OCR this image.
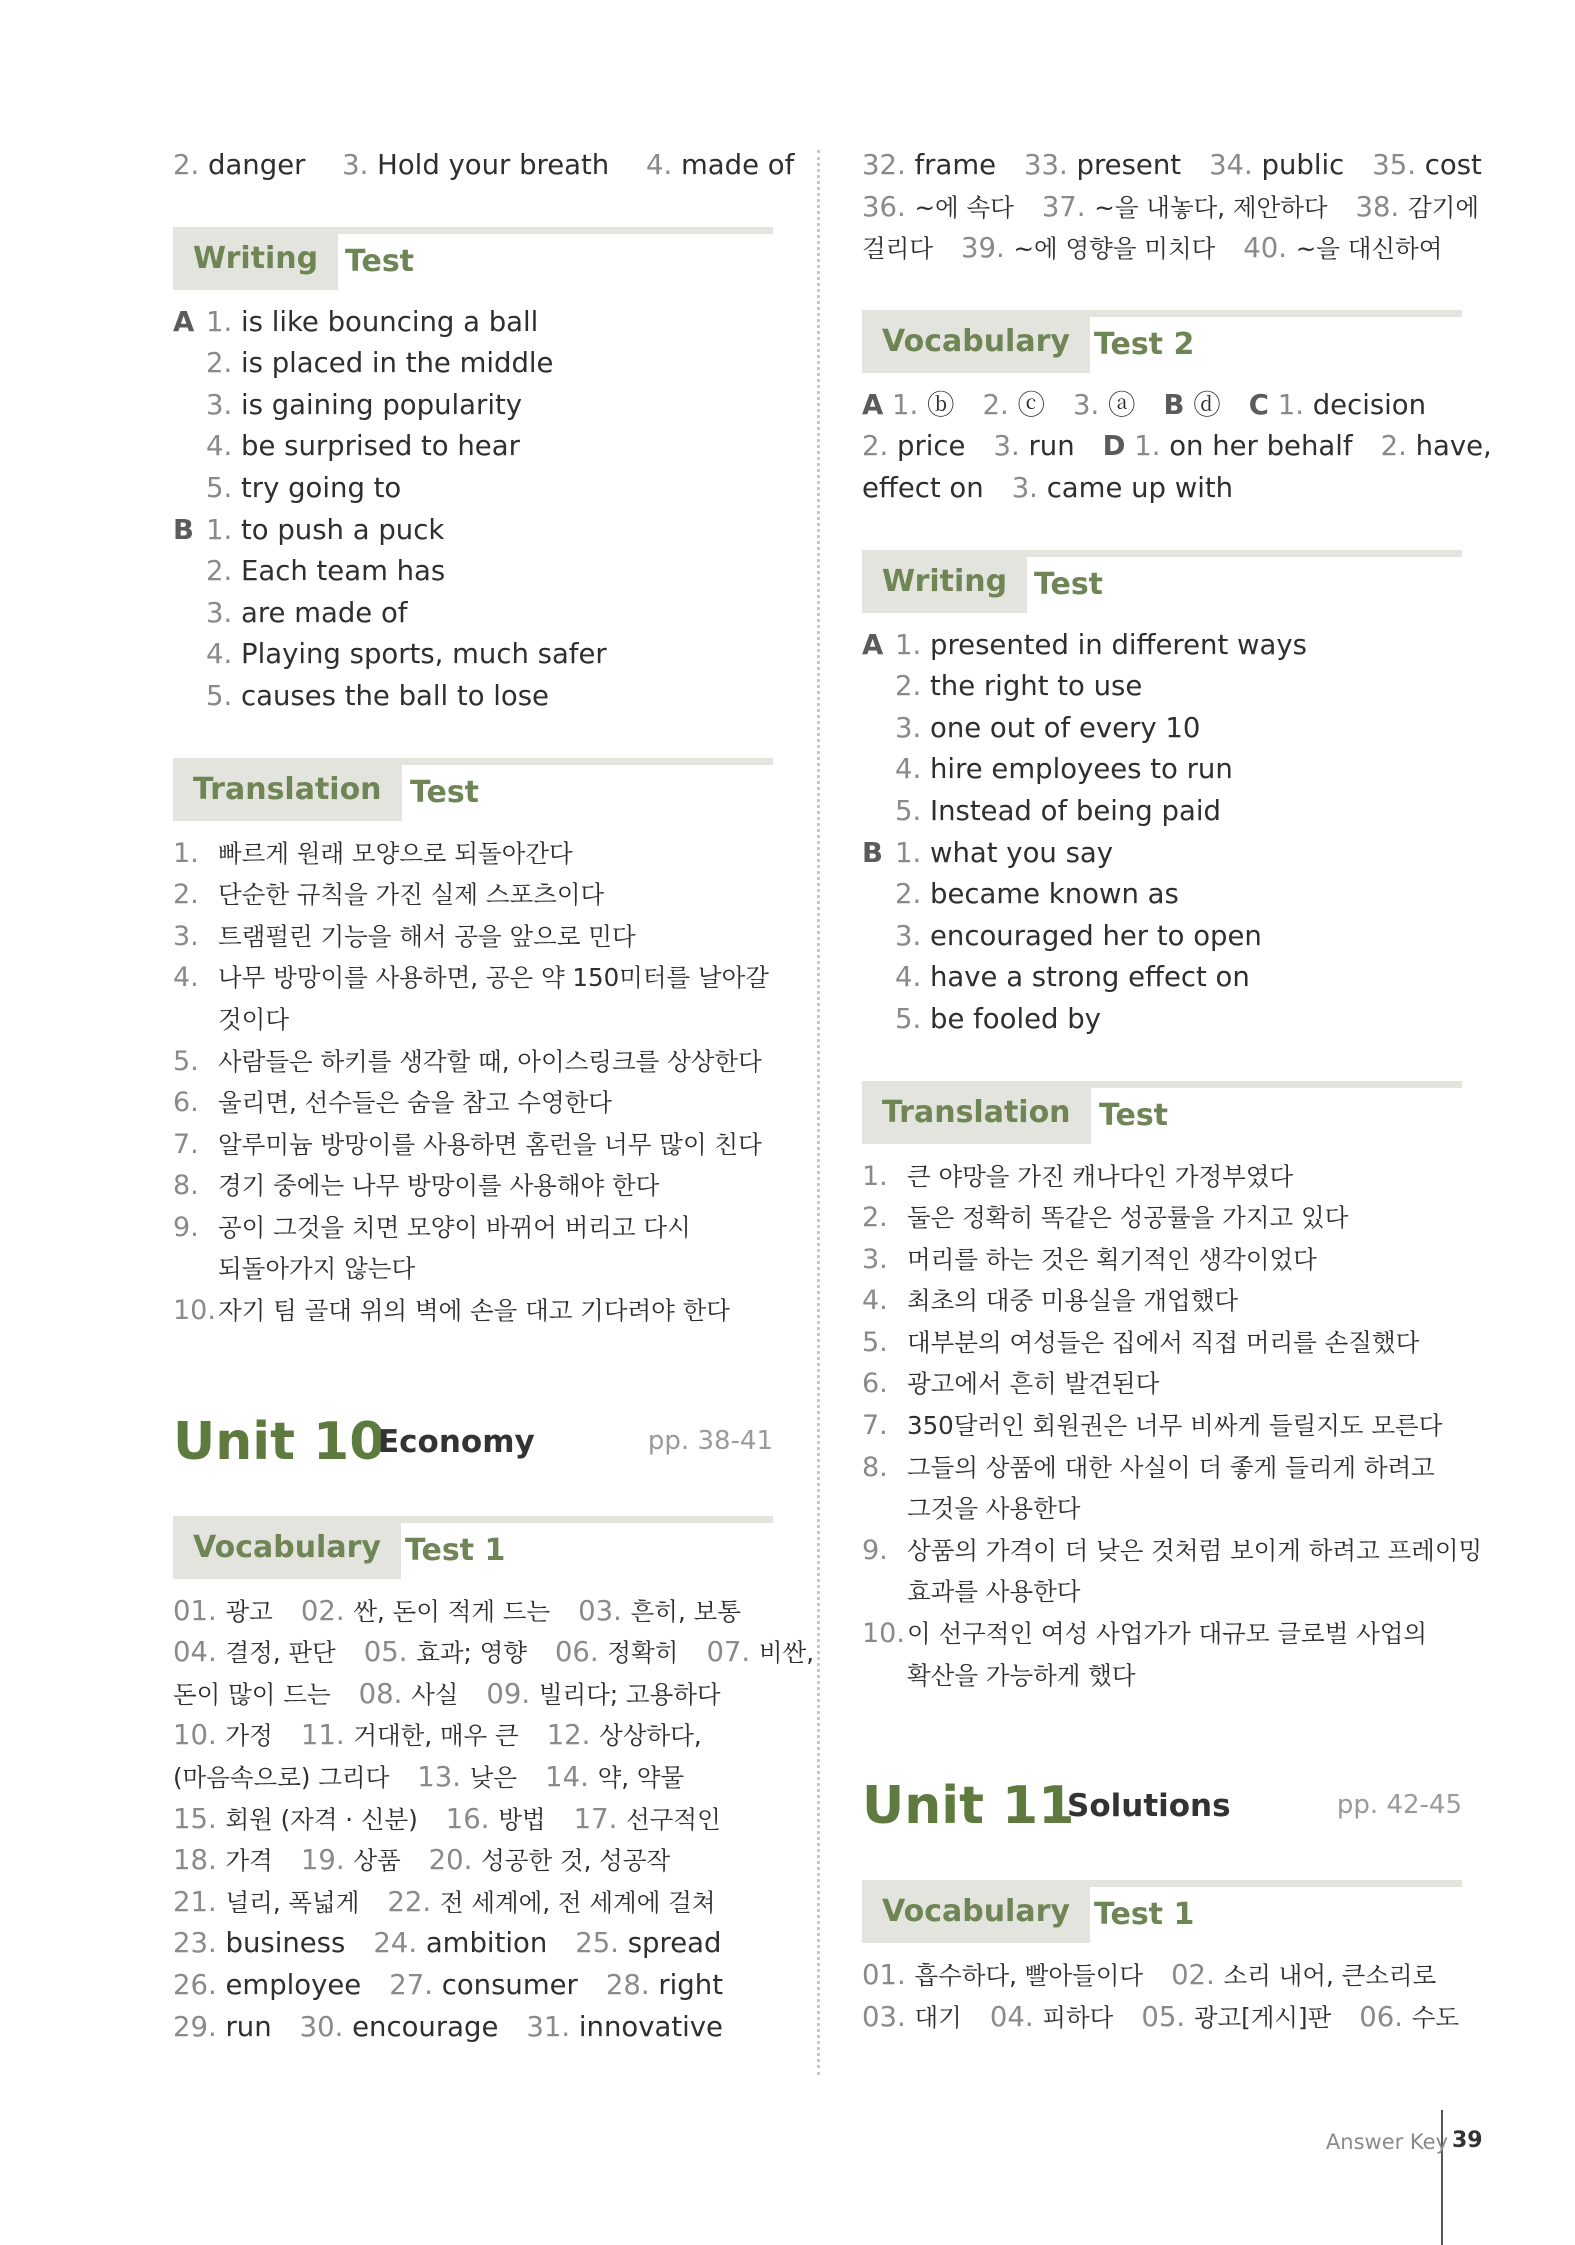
2. danger 3. Hold your breath 4. made of
Writing Test
A 1. is like bouncing a ball
2. is placed in the middle
3. is gaining popularity
4. be surprised to hear
5. try going to
B 1. to push a puck
2. Each team has
3. are made of
4. Playing sports, much safer
5. causes the ball to lose
Translation Test
1. 빠르게 원래 모양으로 되돌아간다
2. 단순한 규칙을 가진 실제 스포츠이다
3. 트램펄린 기능을 해서 공을 앞으로 민다
4. 나무 방망이를 사용하면, 공은 약 150미터를 날아갈
것이다
5. 사람들은 하키를 생각할 때, 아이스링크를 상상한다
6. 울리면, 선수들은 숨을 참고 수영한다
7. 알루미늄 방망이를 사용하면 홈런을 너무 많이 친다
8. 경기 중에는 나무 방망이를 사용해야 한다
9. 공이 그것을 치면 모양이 바뀌어 버리고 다시
되돌아가지 않는다
10.자기 팀 골대 위의 벽에 손을 대고 기다려야 한다
Unit 10
Economy	pp. 38-41
Vocabulary Test 1
01. 광고 02. 싼, 돈이 적게 드는 03. 흔히, 보통
04. 결정, 판단 05. 효과; 영향 06. 정확히 07. 비싼,
돈이 많이 드는 08. 사실 09. 빌리다; 고용하다
10. 가정 11. 거대한, 매우 큰 12. 상상하다,
(마음속으로) 그리다 13. 낮은 14. 약, 약물
15. 회원 (자격 · 신분) 16. 방법 17. 선구적인
18. 가격 19. 상품 20. 성공한 것, 성공작
21. 널리, 폭넓게 22. 전 세계에, 전 세계에 걸쳐
23. business 24. ambition 25. spread
26. employee 27. consumer 28. right
29. run 30. encourage 31. innovative
32. frame 33. present 34. public 35. cost
36. ~에 속다 37. ~을 내놓다, 제안하다 38. 감기에
걸리다 39. ~에 영향을 미치다 40. ~을 대신하여
Vocabulary Test 2
A 1. ⓑ 2. ⓒ 3. ⓐ B ⓓ C 1. decision
2. price 3. run D 1. on her behalf 2. have,
effect on 3. came up with
Writing Test
A 1. presented in different ways
2. the right to use
3. one out of every 10
4. hire employees to run
5. Instead of being paid
B 1. what you say
2. became known as
3. encouraged her to open
4. have a strong effect on
5. be fooled by
Translation Test
1. 큰 야망을 가진 캐나다인 가정부였다
2. 둘은 정확히 똑같은 성공률을 가지고 있다
3. 머리를 하는 것은 획기적인 생각이었다
4. 최초의 대중 미용실을 개업했다
5. 대부분의 여성들은 집에서 직접 머리를 손질했다
6. 광고에서 흔히 발견된다
7. 350달러인 회원권은 너무 비싸게 들릴지도 모른다
8. 그들의 상품에 대한 사실이 더 좋게 들리게 하려고
그것을 사용한다
9. 상품의 가격이 더 낮은 것처럼 보이게 하려고 프레이밍
효과를 사용한다
10.이 선구적인 여성 사업가가 대규모 글로벌 사업의
확산을 가능하게 했다
Unit 11
Solutions	pp. 42-45
Vocabulary Test 1
01. 흡수하다, 빨아들이다 02. 소리 내어, 큰소리로
03. 대기 04. 피하다 05. 광고[게시]판 06. 수도
Answer Key 39
